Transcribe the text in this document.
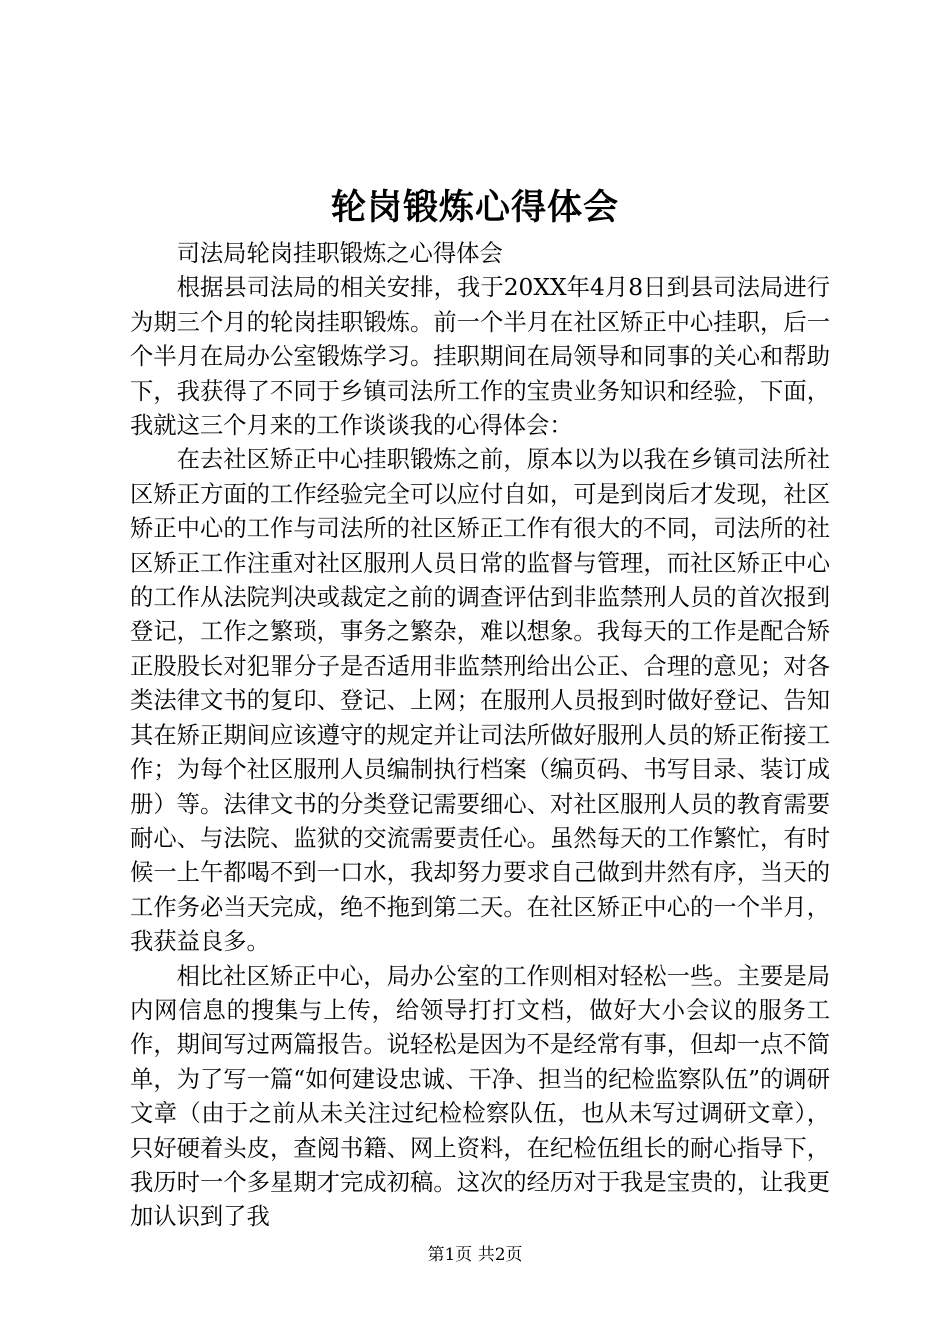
轮岗锻炼心得体会

司法局轮岗挂职锻炼之心得体会

根据县司法局的相关安排，我于20XX年4月8日到县司法局进行为期三个月的轮岗挂职锻炼。前一个半月在社区矫正中心挂职，后一个半月在局办公室锻炼学习。挂职期间在局领导和同事的关心和帮助下，我获得了不同于乡镇司法所工作的宝贵业务知识和经验，下面，我就这三个月来的工作谈谈我的心得体会：

在去社区矫正中心挂职锻炼之前，原本以为以我在乡镇司法所社区矫正方面的工作经验完全可以应付自如，可是到岗后才发现，社区矫正中心的工作与司法所的社区矫正工作有很大的不同，司法所的社区矫正工作注重对社区服刑人员日常的监督与管理，而社区矫正中心的工作从法院判决或裁定之前的调查评估到非监禁刑人员的首次报到登记，工作之繁琐，事务之繁杂，难以想象。我每天的工作是配合矫正股股长对犯罪分子是否适用非监禁刑给出公正、合理的意见；对各类法律文书的复印、登记、上网；在服刑人员报到时做好登记、告知其在矫正期间应该遵守的规定并让司法所做好服刑人员的矫正衔接工作；为每个社区服刑人员编制执行档案（编页码、书写目录、装订成册）等。法律文书的分类登记需要细心、对社区服刑人员的教育需要耐心、与法院、监狱的交流需要责任心。虽然每天的工作繁忙，有时候一上午都喝不到一口水，我却努力要求自己做到井然有序，当天的工作务必当天完成，绝不拖到第二天。在社区矫正中心的一个半月，我获益良多。

相比社区矫正中心，局办公室的工作则相对轻松一些。主要是局内网信息的搜集与上传，给领导打打文档，做好大小会议的服务工作，期间写过两篇报告。说轻松是因为不是经常有事，但却一点不简单，为了写一篇“如何建设忠诚、干净、担当的纪检监察队伍”的调研文章（由于之前从未关注过纪检检察队伍，也从未写过调研文章），只好硬着头皮，查阅书籍、网上资料，在纪检伍组长的耐心指导下，我历时一个多星期才完成初稿。这次的经历对于我是宝贵的，让我更加认识到了我

第1页 共2页
